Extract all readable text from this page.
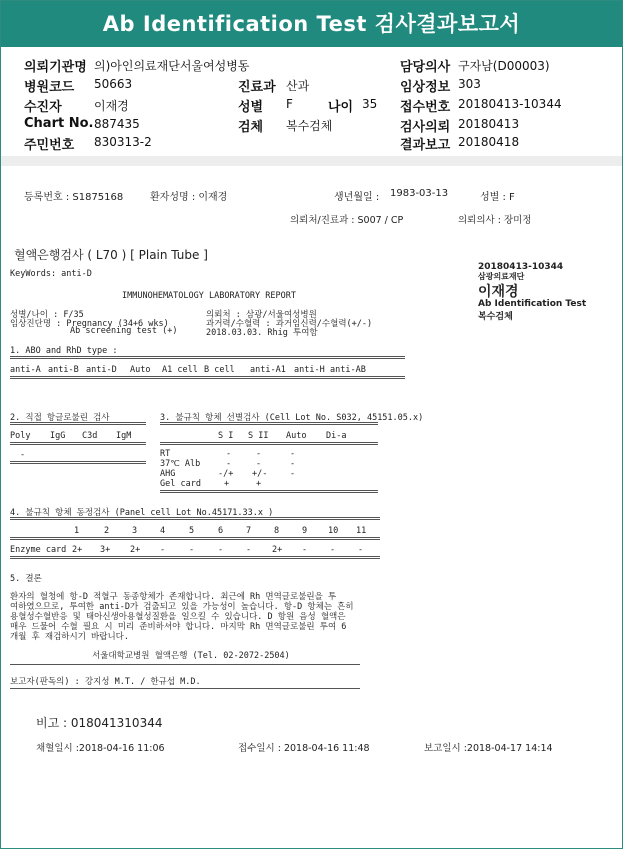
Ab Identification Test 검사결과보고서
의뢰기관명 의)아인의료재단서울여성병동	담당의사 구자남(D00003)
병원코드 50663	진료과 산과	임상정보 303
수진자	이재경	성별 F	나이 35 접수번호 20180413-10344
Chart No. 887435	검체 복수검체	검사의뢰 20180413
주민번호 830313-2	결과보고 20180418
등록번호 : S1875168	환자성명 : 이재경	생년월일 : 1983-03-13	성별 : F
의뢰처/진료과 : S007 / CP	의뢰의사 : 장미정
혈액은행검사 ( L70 ) [ Plain Tube ]
20180413-10344
삼광의료재단
이재경
Ab Identification Test
복수검체
KeyWords: anti-D
IMMUNOHEMATOLOGY LABORATORY REPORT
성별/나이 : F/35	의뢰처 : 삼광/서울여성병원
임상진단명 : Pregnancy (34+6 wks)	과거력/수혈력 : 과거임신력/수혈력(+/-)
Ab screening test (+)	2018.03.03. Rhig 투여함
1. ABO and RhD type :
anti-A anti-B anti-D Auto A1 cell B cell anti-A1 anti-H anti-AB
2. 직접 항글로불린 검사
Poly IgG C3d IgM
-
3. 불규칙 항체 선별검사 (Cell Lot No. S032, 45151.05.x)
S I S II Auto Di-a
RT	-	-	-
37℃ Alb	-	-	-
AHG	-/+ +/-	-
Gel card	+	+
4. 불규칙 항체 동정검사 (Panel cell Lot No.45171.33.x )
1	2	3	4	5	6	7	8	9 10 11
Enzyme card 2+ 3+ 2+ -	-	-	- 2+ -	-	-
5. 결론
환자의 혈청에 항-D 적혈구 동종항체가 존재합니다. 최근에 Rh 면역글로불린을 투
여하였으므로, 투여한 anti-D가 검출되고 있을 가능성이 높습니다. 항-D 항체는 흔히
용혈성수혈반응 및 태아신생아용혈성질환을 일으킬 수 있습니다. D 항원 음성 혈액은
매우 드물어 수혈 필요 시 미리 준비하셔야 합니다. 마지막 Rh 면역글로불린 투여 6
개월 후 재검하시기 바랍니다.
서울대학교병원 혈액은행 (Tel. 02-2072-2504)
보고자(판독의) : 강지성 M.T. / 한규섭 M.D.
비고 : 018041310344
채혈일시 :2018-04-16 11:06	접수일시 : 2018-04-16 11:48	보고일시 :2018-04-17 14:14
